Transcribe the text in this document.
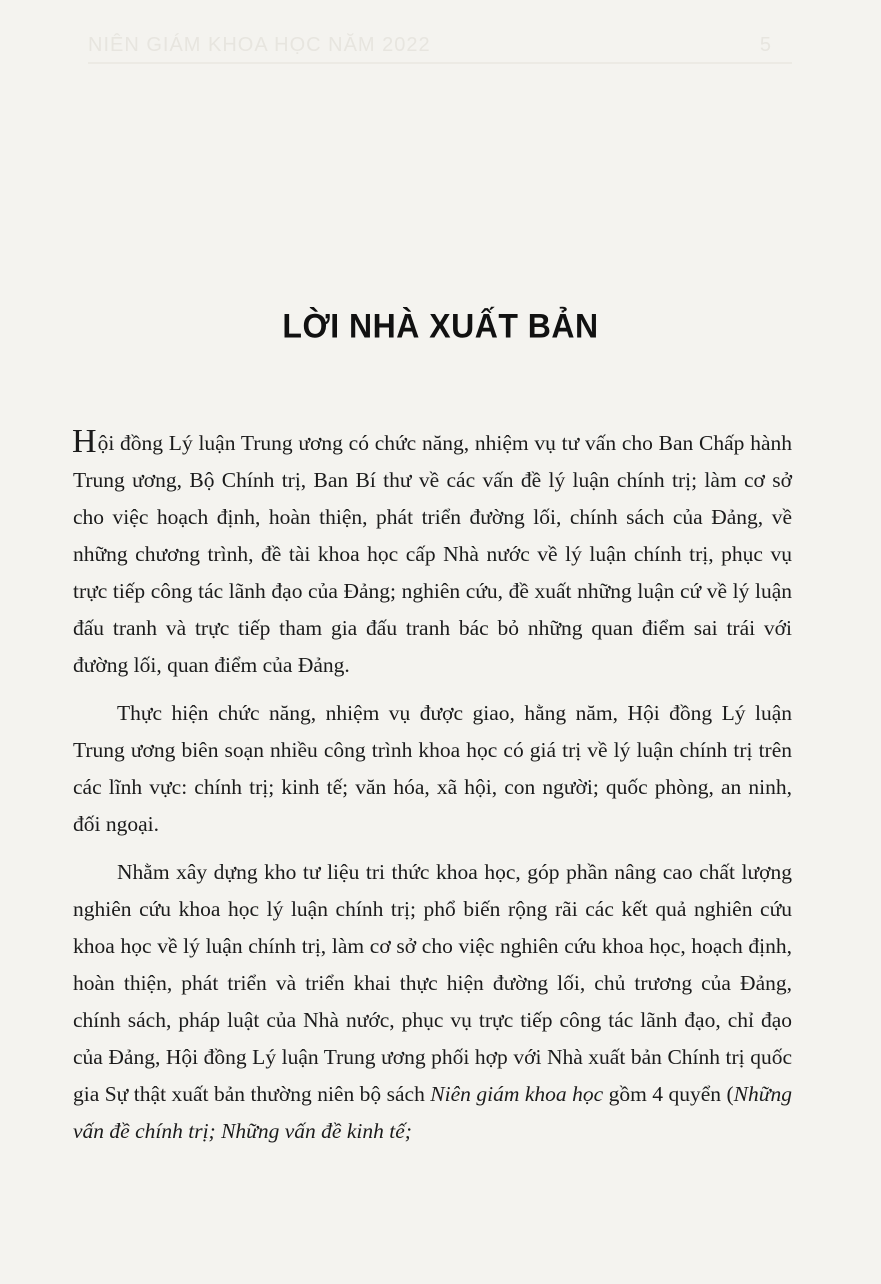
NIÊN GIÁM KHOA HỌC NĂM 2022	5
LỜI NHÀ XUẤT BẢN

Hội đồng Lý luận Trung ương có chức năng, nhiệm vụ tư vấn cho Ban Chấp hành Trung ương, Bộ Chính trị, Ban Bí thư về các vấn đề lý luận chính trị; làm cơ sở cho việc hoạch định, hoàn thiện, phát triển đường lối, chính sách của Đảng, về những chương trình, đề tài khoa học cấp Nhà nước về lý luận chính trị, phục vụ trực tiếp công tác lãnh đạo của Đảng; nghiên cứu, đề xuất những luận cứ về lý luận đấu tranh và trực tiếp tham gia đấu tranh bác bỏ những quan điểm sai trái với đường lối, quan điểm của Đảng.

Thực hiện chức năng, nhiệm vụ được giao, hằng năm, Hội đồng Lý luận Trung ương biên soạn nhiều công trình khoa học có giá trị về lý luận chính trị trên các lĩnh vực: chính trị; kinh tế; văn hóa, xã hội, con người; quốc phòng, an ninh, đối ngoại.

Nhằm xây dựng kho tư liệu tri thức khoa học, góp phần nâng cao chất lượng nghiên cứu khoa học lý luận chính trị; phổ biến rộng rãi các kết quả nghiên cứu khoa học về lý luận chính trị, làm cơ sở cho việc nghiên cứu khoa học, hoạch định, hoàn thiện, phát triển và triển khai thực hiện đường lối, chủ trương của Đảng, chính sách, pháp luật của Nhà nước, phục vụ trực tiếp công tác lãnh đạo, chỉ đạo của Đảng, Hội đồng Lý luận Trung ương phối hợp với Nhà xuất bản Chính trị quốc gia Sự thật xuất bản thường niên bộ sách Niên giám khoa học gồm 4 quyển (Những vấn đề chính trị; Những vấn đề kinh tế;
